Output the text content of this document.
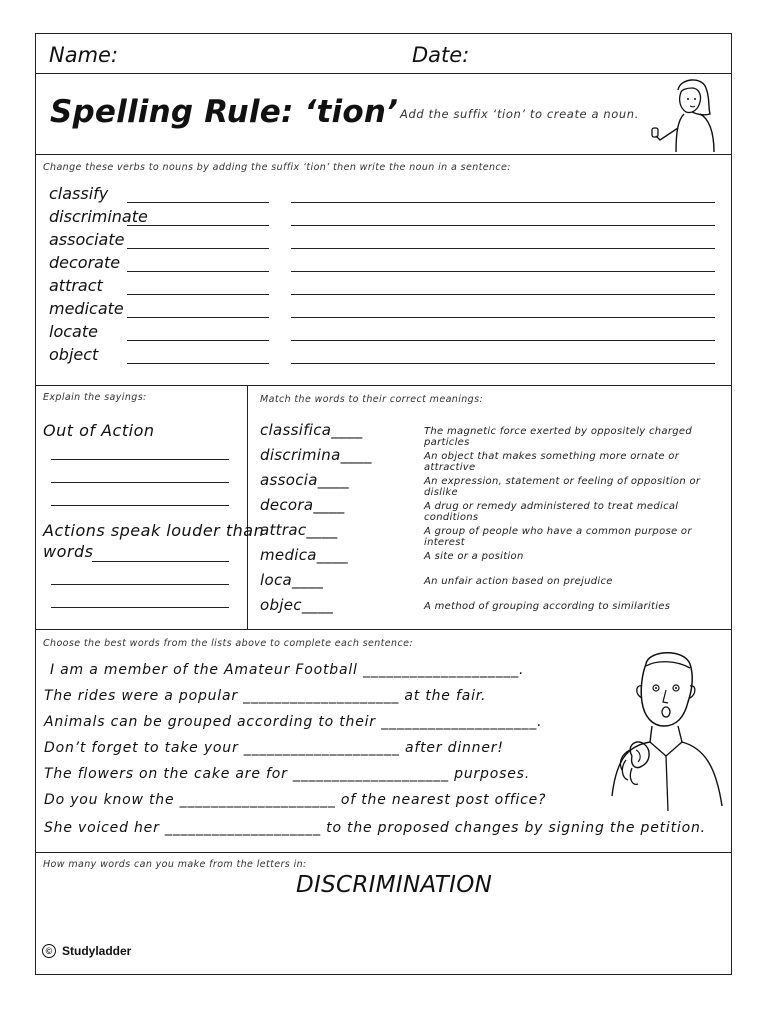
Name:	Date:
Spelling Rule: ‘tion’ Add the suffix ‘tion’ to create a noun.
Change these verbs to nouns by adding the suffix ‘tion’ then write the noun in a sentence:
classify
discriminate
associate
decorate
attract
medicate
locate
object
Explain the sayings:
Out of Action
Actions speak louder than
words
Match the words to their correct meanings:
classifica____
discrimina____
associa____
decora____
attrac____
medica____
loca____
objec____
The magnetic force exerted by oppositely charged particles
An object that makes something more ornate or attractive
An expression, statement or feeling of opposition or dislike
A drug or remedy administered to treat medical conditions
A group of people who have a common purpose or interest
A site or a position
An unfair action based on prejudice
A method of grouping according to similarities
Choose the best words from the lists above to complete each sentence:
I am a member of the Amateur Football ____________________.
The rides were a popular ____________________ at the fair.
Animals can be grouped according to their ____________________.
Don’t forget to take your ____________________ after dinner!
The flowers on the cake are for ____________________ purposes.
Do you know the ____________________ of the nearest post office?
She voiced her ____________________ to the proposed changes by signing the petition.
How many words can you make from the letters in:
DISCRIMINATION
© Studyladder
